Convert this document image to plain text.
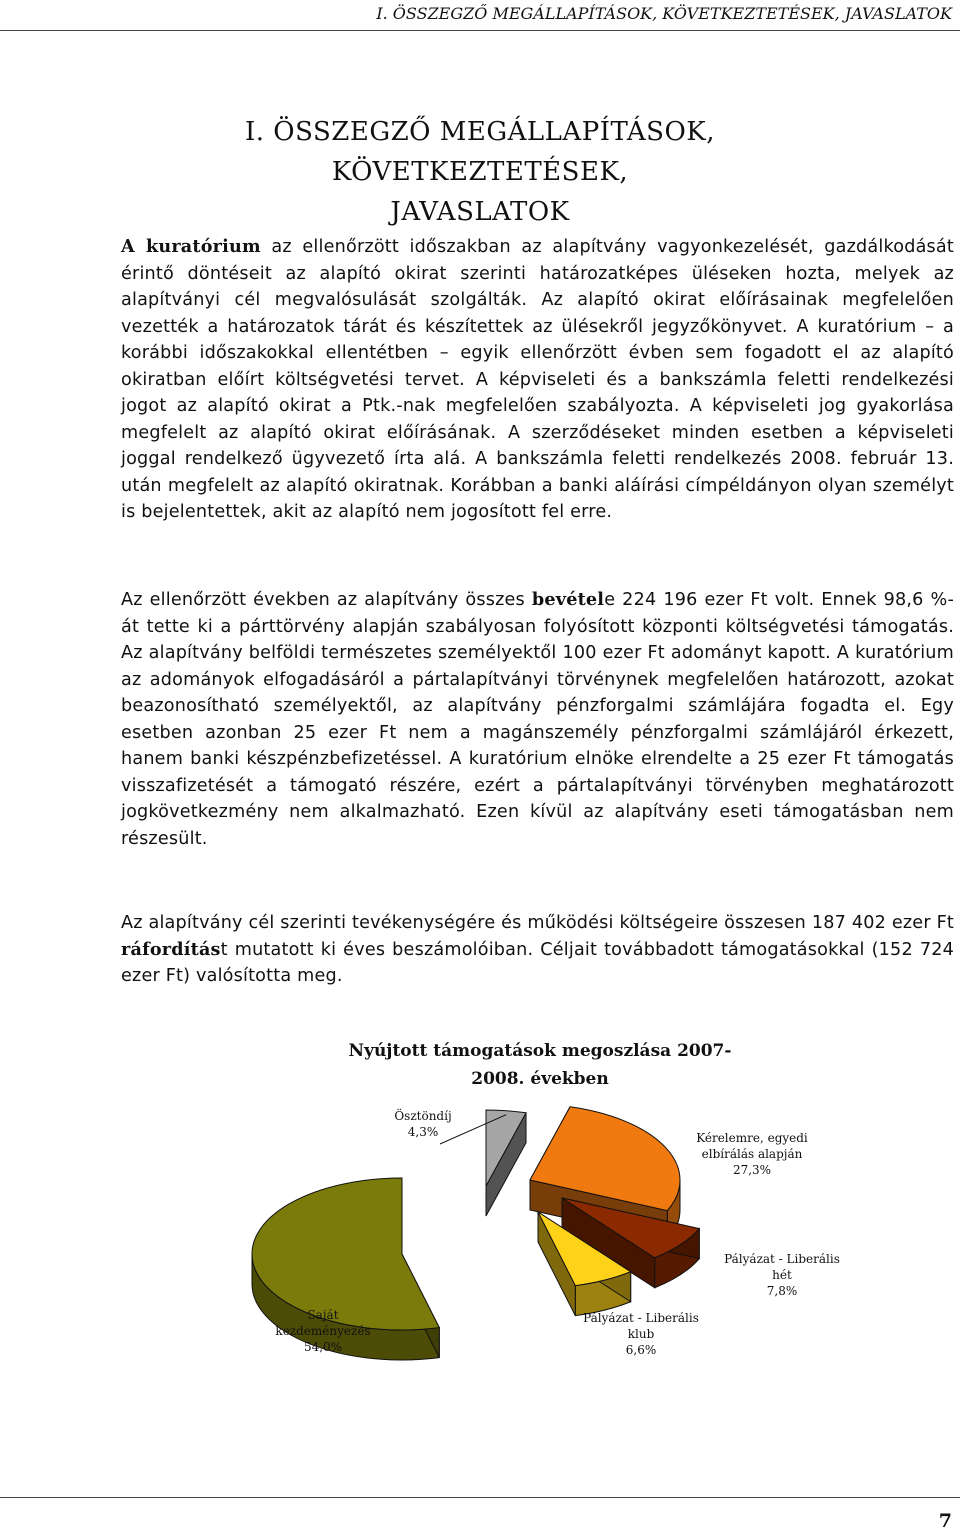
I. ÖSSZEGZŐ MEGÁLLAPÍTÁSOK, KÖVETKEZTETÉSEK, JAVASLATOK
I. ÖSSZEGZŐ MEGÁLLAPÍTÁSOK, KÖVETKEZTETÉSEK,
JAVASLATOK

A kuratórium az ellenőrzött időszakban az alapítvány vagyonkezelését, gazdálkodását érintő döntéseit az alapító okirat szerinti határozatképes üléseken hozta, melyek az alapítványi cél megvalósulását szolgálták. Az alapító okirat előírásainak megfelelően vezették a határozatok tárát és készítettek az ülésekről jegyzőkönyvet. A kuratórium – a korábbi időszakokkal ellentétben – egyik ellenőrzött évben sem fogadott el az alapító okiratban előírt költségvetési tervet. A képviseleti és a bankszámla feletti rendelkezési jogot az alapító okirat a Ptk.-nak megfelelően szabályozta. A képviseleti jog gyakorlása megfelelt az alapító okirat előírásának. A szerződéseket minden esetben a képviseleti joggal rendelkező ügyvezető írta alá. A bankszámla feletti rendelkezés 2008. február 13. után megfelelt az alapító okiratnak. Korábban a banki aláírási címpéldányon olyan személyt is bejelentettek, akit az alapító nem jogosított fel erre.

Az ellenőrzött években az alapítvány összes bevétele 224 196 ezer Ft volt. Ennek 98,6 %-át tette ki a párttörvény alapján szabályosan folyósított központi költségvetési támogatás. Az alapítvány belföldi természetes személyektől 100 ezer Ft adományt kapott. A kuratórium az adományok elfogadásáról a pártalapítványi törvénynek megfelelően határozott, azokat beazonosítható személyektől, az alapítvány pénzforgalmi számlájára fogadta el. Egy esetben azonban 25 ezer Ft nem a magánszemély pénzforgalmi számlájáról érkezett, hanem banki készpénzbefizetéssel. A kuratórium elnöke elrendelte a 25 ezer Ft támogatás visszafizetését a támogató részére, ezért a pártalapítványi törvényben meghatározott jogkövetkezmény nem alkalmazható. Ezen kívül az alapítvány eseti támogatásban nem részesült.

Az alapítvány cél szerinti tevékenységére és működési költségeire összesen 187 402 ezer Ft ráfordítást mutatott ki éves beszámolóiban. Céljait továbbadott támogatásokkal (152 724 ezer Ft) valósította meg.

Nyújtott támogatások megoszlása 2007-
2008. években
Ösztöndíj
4,3%	Kérelemre, egyedi
elbírálás alapján
27,3%
Pályázat - Liberális
hét
7,8%
Pályázat - Liberális
klub
6,6%
Saját
kezdeményezés
54,0%
7
